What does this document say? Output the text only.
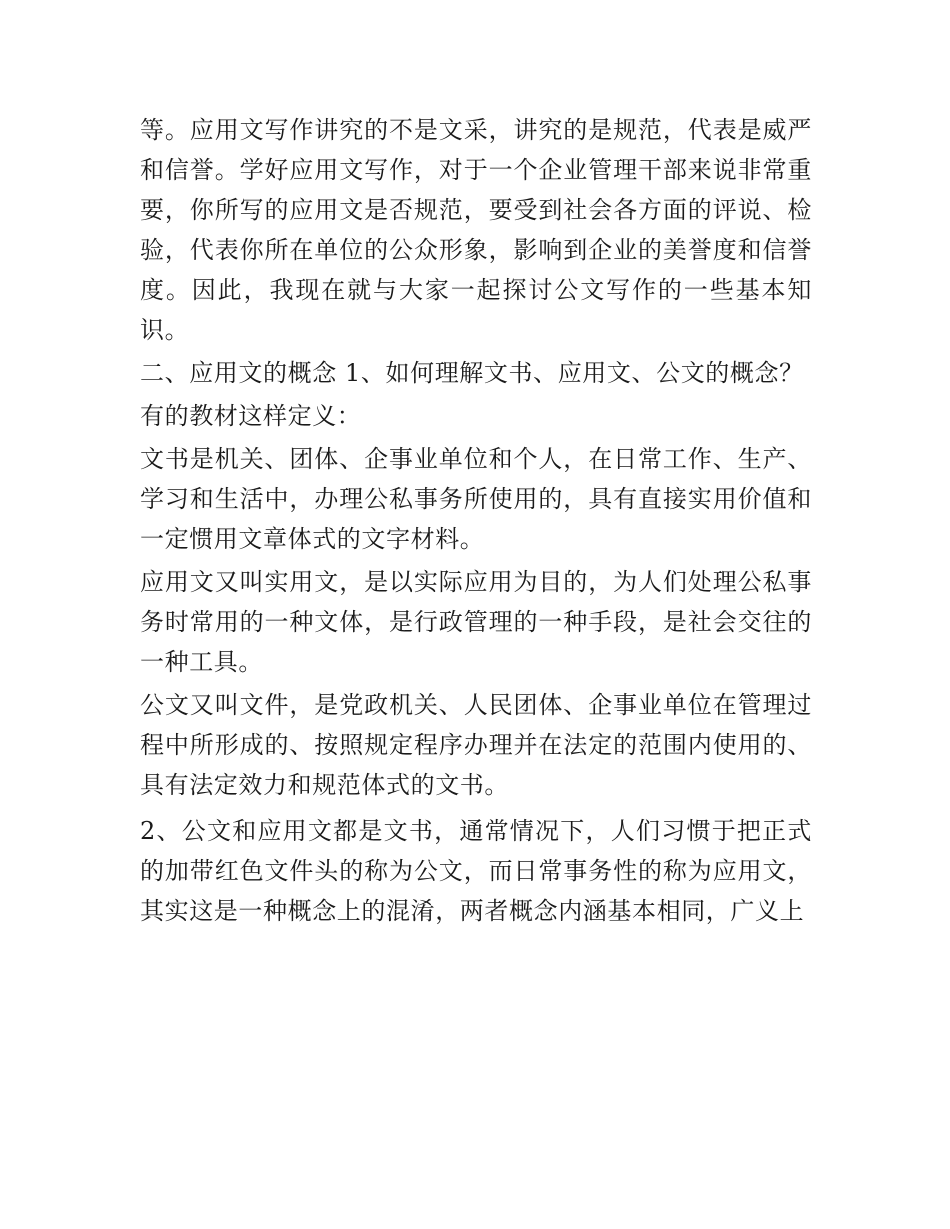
等。应用文写作讲究的不是文采，讲究的是规范，代表是威严和信誉。学好应用文写作，对于一个企业管理干部来说非常重要，你所写的应用文是否规范，要受到社会各方面的评说、检验，代表你所在单位的公众形象，影响到企业的美誉度和信誉度。因此，我现在就与大家一起探讨公文写作的一些基本知识。

二、应用文的概念 1、如何理解文书、应用文、公文的概念？

有的教材这样定义：

文书是机关、团体、企事业单位和个人，在日常工作、生产、学习和生活中，办理公私事务所使用的，具有直接实用价值和一定惯用文章体式的文字材料。

应用文又叫实用文，是以实际应用为目的，为人们处理公私事务时常用的一种文体，是行政管理的一种手段，是社会交往的一种工具。

公文又叫文件，是党政机关、人民团体、企事业单位在管理过程中所形成的、按照规定程序办理并在法定的范围内使用的、具有法定效力和规范体式的文书。

2、公文和应用文都是文书，通常情况下，人们习惯于把正式的加带红色文件头的称为公文，而日常事务性的称为应用文，其实这是一种概念上的混淆，两者概念内涵基本相同，广义上
